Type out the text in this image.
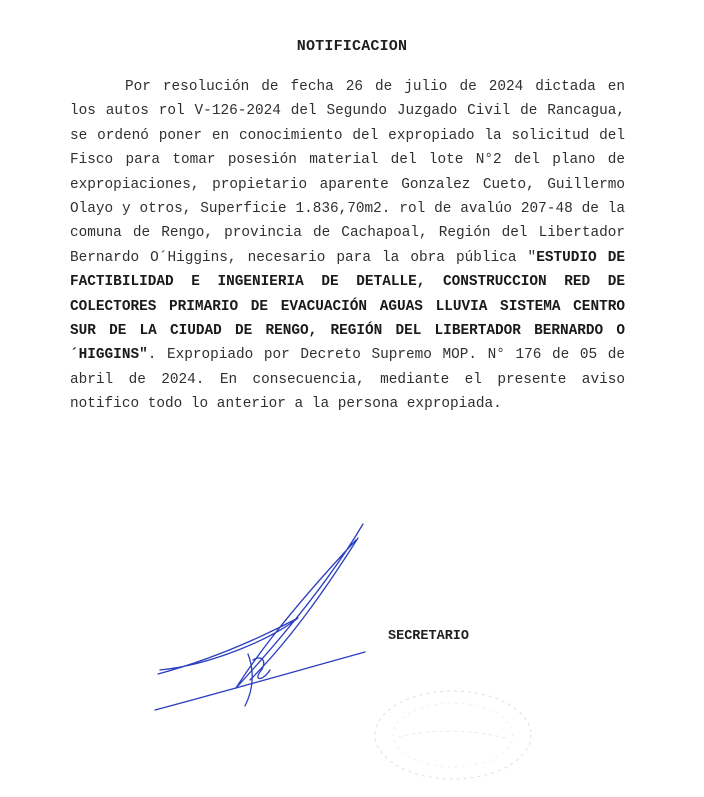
NOTIFICACION

Por resolución de fecha 26 de julio de 2024 dictada en los autos rol V-126-2024 del Segundo Juzgado Civil de Rancagua, se ordenó poner en conocimiento del expropiado la solicitud del Fisco para tomar posesión material del lote N°2 del plano de expropiaciones, propietario aparente Gonzalez Cueto, Guillermo Olayo y otros, Superficie 1.836,70m2. rol de avalúo 207-48 de la comuna de Rengo, provincia de Cachapoal, Región del Libertador Bernardo O´Higgins, necesario para la obra pública "ESTUDIO DE FACTIBILIDAD E INGENIERIA DE DETALLE, CONSTRUCCION RED DE COLECTORES PRIMARIO DE EVACUACIÓN AGUAS LLUVIA SISTEMA CENTRO SUR DE LA CIUDAD DE RENGO, REGIÓN DEL LIBERTADOR BERNARDO O´HIGGINS". Expropiado por Decreto Supremo MOP. N° 176 de 05 de abril de 2024. En consecuencia, mediante el presente aviso notifico todo lo anterior a la persona expropiada.

SECRETARIO
